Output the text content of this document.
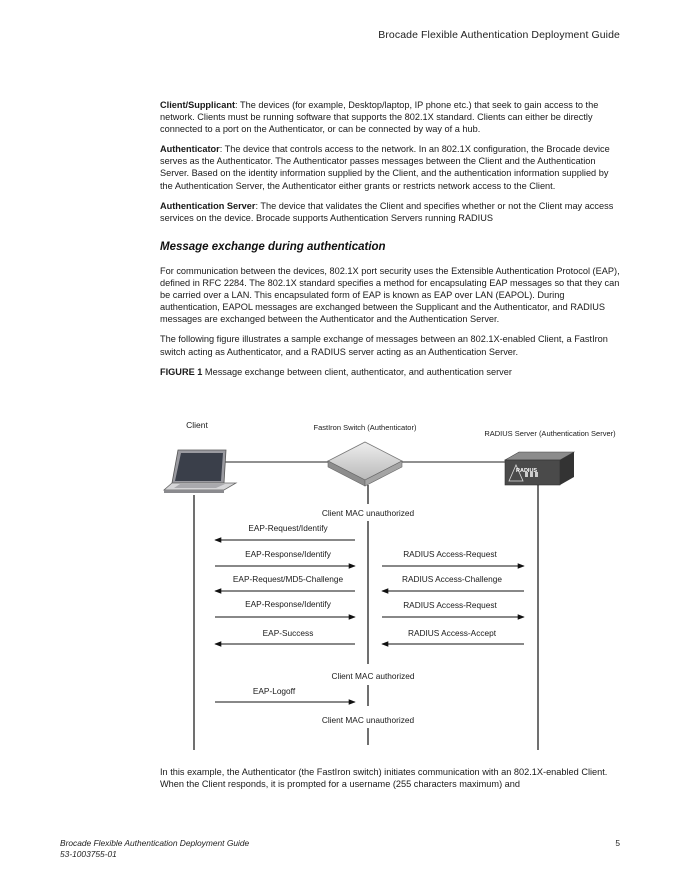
Brocade Flexible Authentication Deployment Guide

Client/Supplicant: The devices (for example, Desktop/laptop, IP phone etc.) that seek to gain access to the network. Clients must be running software that supports the 802.1X standard. Clients can either be directly connected to a port on the Authenticator, or can be connected by way of a hub.

Authenticator: The device that controls access to the network. In an 802.1X configuration, the Brocade device serves as the Authenticator. The Authenticator passes messages between the Client and the Authentication Server. Based on the identity information supplied by the Client, and the authentication information supplied by the Authentication Server, the Authenticator either grants or restricts network access to the Client.

Authentication Server: The device that validates the Client and specifies whether or not the Client may access services on the device. Brocade supports Authentication Servers running RADIUS

Message exchange during authentication

For communication between the devices, 802.1X port security uses the Extensible Authentication Protocol (EAP), defined in RFC 2284. The 802.1X standard specifies a method for encapsulating EAP messages so that they can be carried over a LAN. This encapsulated form of EAP is known as EAP over LAN (EAPOL). During authentication, EAPOL messages are exchanged between the Supplicant and the Authenticator, and RADIUS messages are exchanged between the Authenticator and the Authentication Server.

The following figure illustrates a sample exchange of messages between an 802.1X-enabled Client, a FastIron switch acting as Authenticator, and a RADIUS server acting as an Authentication Server.

FIGURE 1 Message exchange between client, authenticator, and authentication server

Client	FastIron Switch (Authenticator)
RADIUS Server (Authentication Server)
RADIUS
Client MAC unauthorized
Client MAC authorized
Client MAC unauthorized
EAP-Request/Identify
EAP-Response/Identify
EAP-Request/MD5-Challenge
EAP-Response/Identify
EAP-Success
RADIUS Access-Request
RADIUS Access-Challenge
RADIUS Access-Request
RADIUS Access-Accept
EAP-Logoff

In this example, the Authenticator (the FastIron switch) initiates communication with an 802.1X-enabled Client. When the Client responds, it is prompted for a username (255 characters maximum) and

Brocade Flexible Authentication Deployment Guide
53-1003755-01
5
